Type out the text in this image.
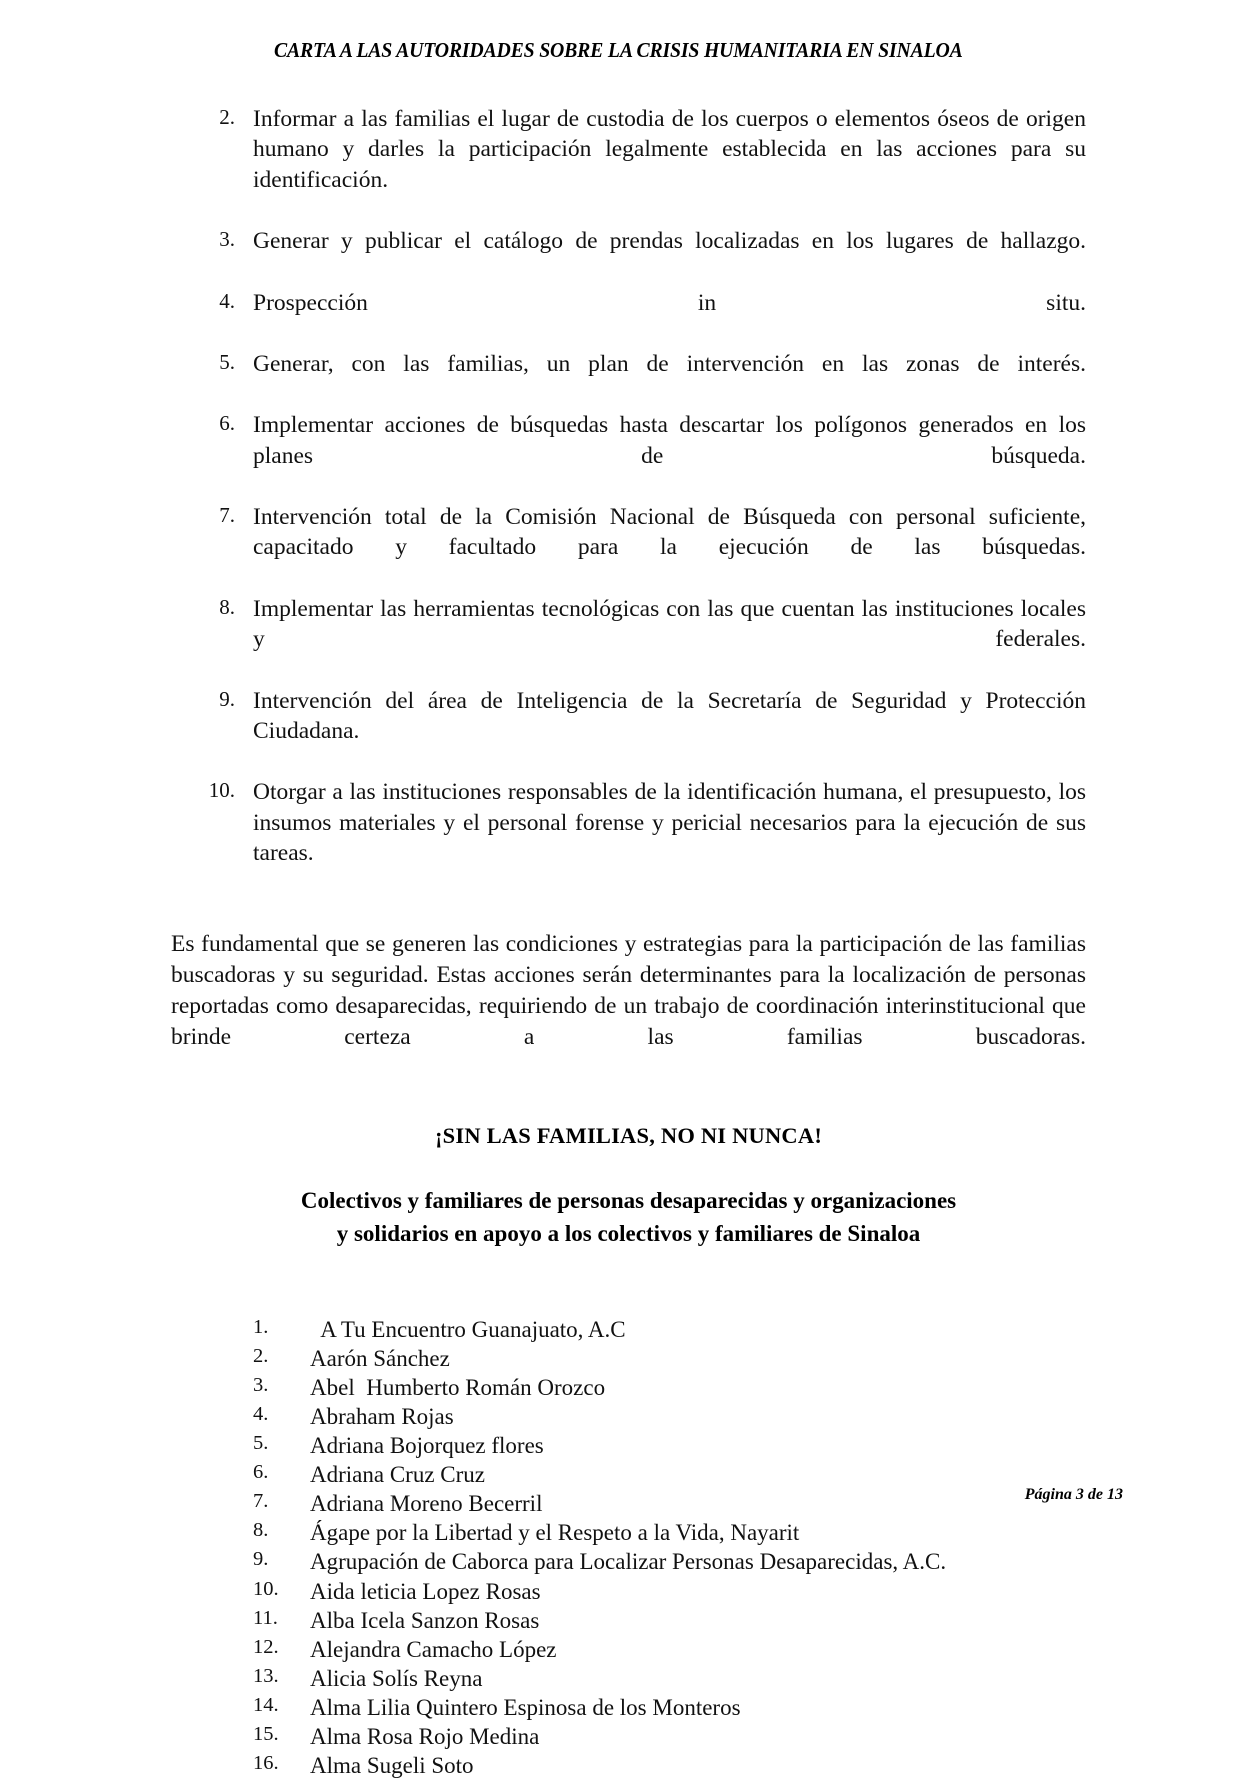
CARTA A LAS AUTORIDADES SOBRE LA CRISIS HUMANITARIA EN SINALOA
2. Informar a las familias el lugar de custodia de los cuerpos o elementos óseos de origen humano y darles la participación legalmente establecida en las acciones para su identificación.
3. Generar y publicar el catálogo de prendas localizadas en los lugares de hallazgo.
4. Prospección in situ.
5. Generar, con las familias, un plan de intervención en las zonas de interés.
6. Implementar acciones de búsquedas hasta descartar los polígonos generados en los planes de búsqueda.
7. Intervención total de la Comisión Nacional de Búsqueda con personal suficiente, capacitado y facultado para la ejecución de las búsquedas.
8. Implementar las herramientas tecnológicas con las que cuentan las instituciones locales y federales.
9. Intervención del área de Inteligencia de la Secretaría de Seguridad y Protección Ciudadana.
10. Otorgar a las instituciones responsables de la identificación humana, el presupuesto, los insumos materiales y el personal forense y pericial necesarios para la ejecución de sus tareas.

Es fundamental que se generen las condiciones y estrategias para la participación de las familias buscadoras y su seguridad. Estas acciones serán determinantes para la localización de personas reportadas como desaparecidas, requiriendo de un trabajo de coordinación interinstitucional que brinde certeza a las familias buscadoras.

¡SIN LAS FAMILIAS, NO NI NUNCA!

Colectivos y familiares de personas desaparecidas y organizaciones
y solidarios en apoyo a los colectivos y familiares de Sinaloa
1.	A Tu Encuentro Guanajuato, A.C
2.	Aarón Sánchez
3.	Abel  Humberto Román Orozco
4.	Abraham Rojas
5.	Adriana Bojorquez flores
6.	Adriana Cruz Cruz
7.	Adriana Moreno Becerril
8.	Ágape por la Libertad y el Respeto a la Vida, Nayarit
9.	Agrupación de Caborca para Localizar Personas Desaparecidas, A.C.
10.	Aida leticia Lopez Rosas
11.	Alba Icela Sanzon Rosas
12.	Alejandra Camacho López
13.	Alicia Solís Reyna
14.	Alma Lilia Quintero Espinosa de los Monteros
15.	Alma Rosa Rojo Medina
16.	Alma Sugeli Soto
Página 3 de 13
